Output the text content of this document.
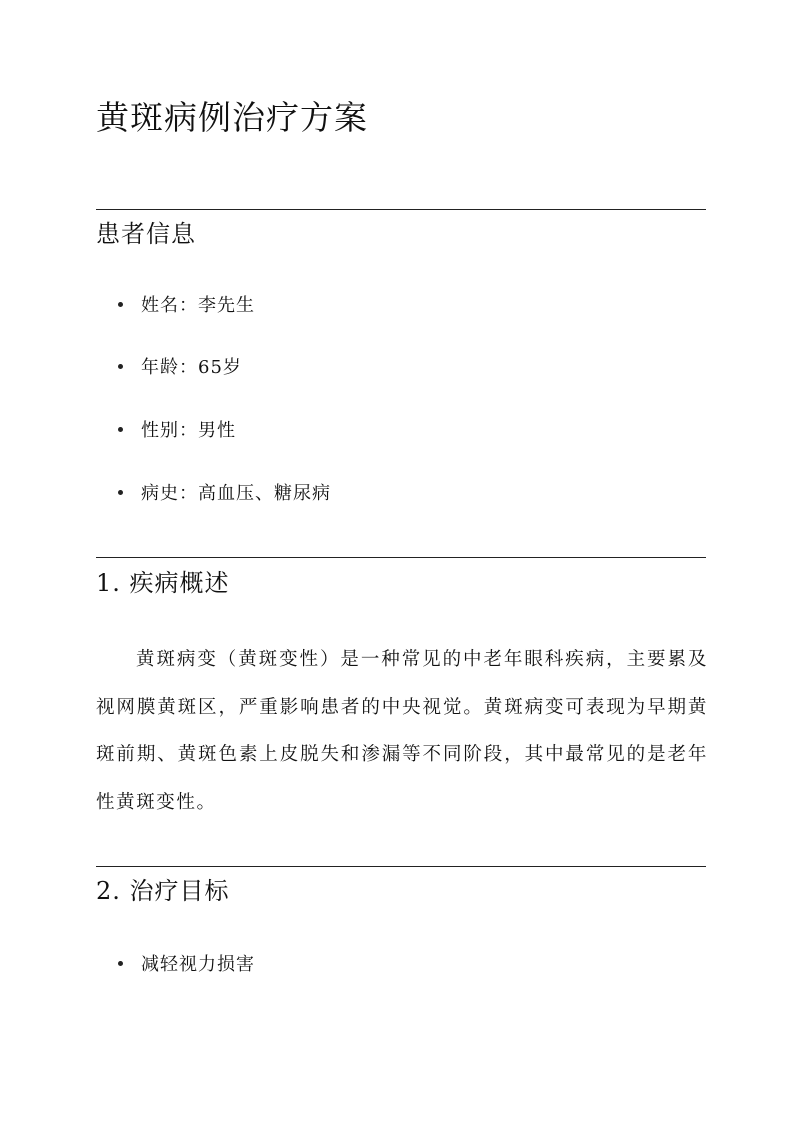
黄斑病例治疗方案
患者信息
姓名：李先生
年龄：65岁
性别：男性
病史：高血压、糖尿病
1. 疾病概述

黄斑病变（黄斑变性）是一种常见的中老年眼科疾病，主要累及视网膜黄斑区，严重影响患者的中央视觉。黄斑病变可表现为早期黄斑前期、黄斑色素上皮脱失和渗漏等不同阶段，其中最常见的是老年性黄斑变性。

2. 治疗目标
减轻视力损害
